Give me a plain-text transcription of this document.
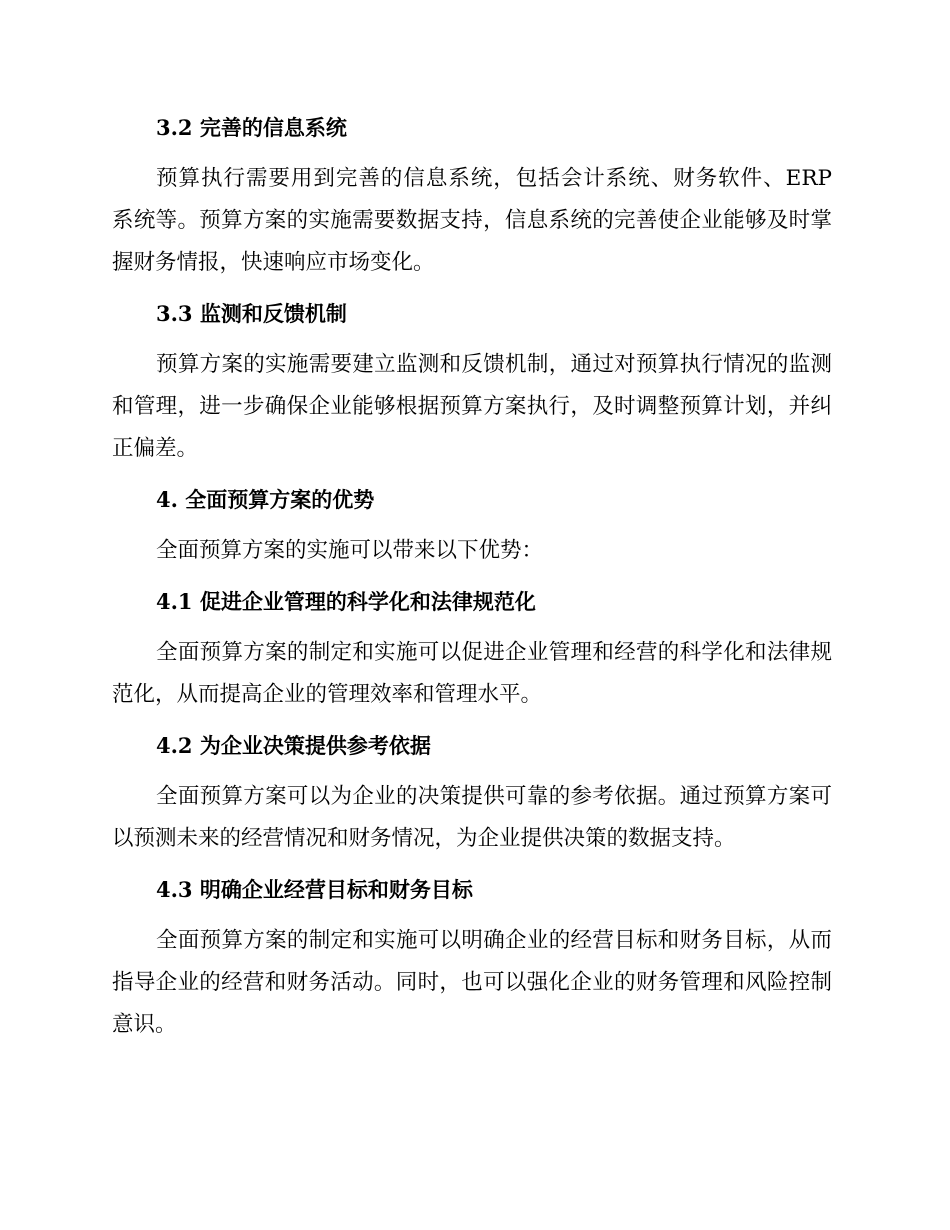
3.2 完善的信息系统

预算执行需要用到完善的信息系统，包括会计系统、财务软件、ERP 系统等。预算方案的实施需要数据支持，信息系统的完善使企业能够及时掌握财务情报，快速响应市场变化。

3.3 监测和反馈机制

预算方案的实施需要建立监测和反馈机制，通过对预算执行情况的监测和管理，进一步确保企业能够根据预算方案执行，及时调整预算计划，并纠正偏差。

4. 全面预算方案的优势

全面预算方案的实施可以带来以下优势：

4.1 促进企业管理的科学化和法律规范化

全面预算方案的制定和实施可以促进企业管理和经营的科学化和法律规范化，从而提高企业的管理效率和管理水平。

4.2 为企业决策提供参考依据

全面预算方案可以为企业的决策提供可靠的参考依据。通过预算方案可以预测未来的经营情况和财务情况，为企业提供决策的数据支持。

4.3 明确企业经营目标和财务目标

全面预算方案的制定和实施可以明确企业的经营目标和财务目标，从而指导企业的经营和财务活动。同时，也可以强化企业的财务管理和风险控制意识。
